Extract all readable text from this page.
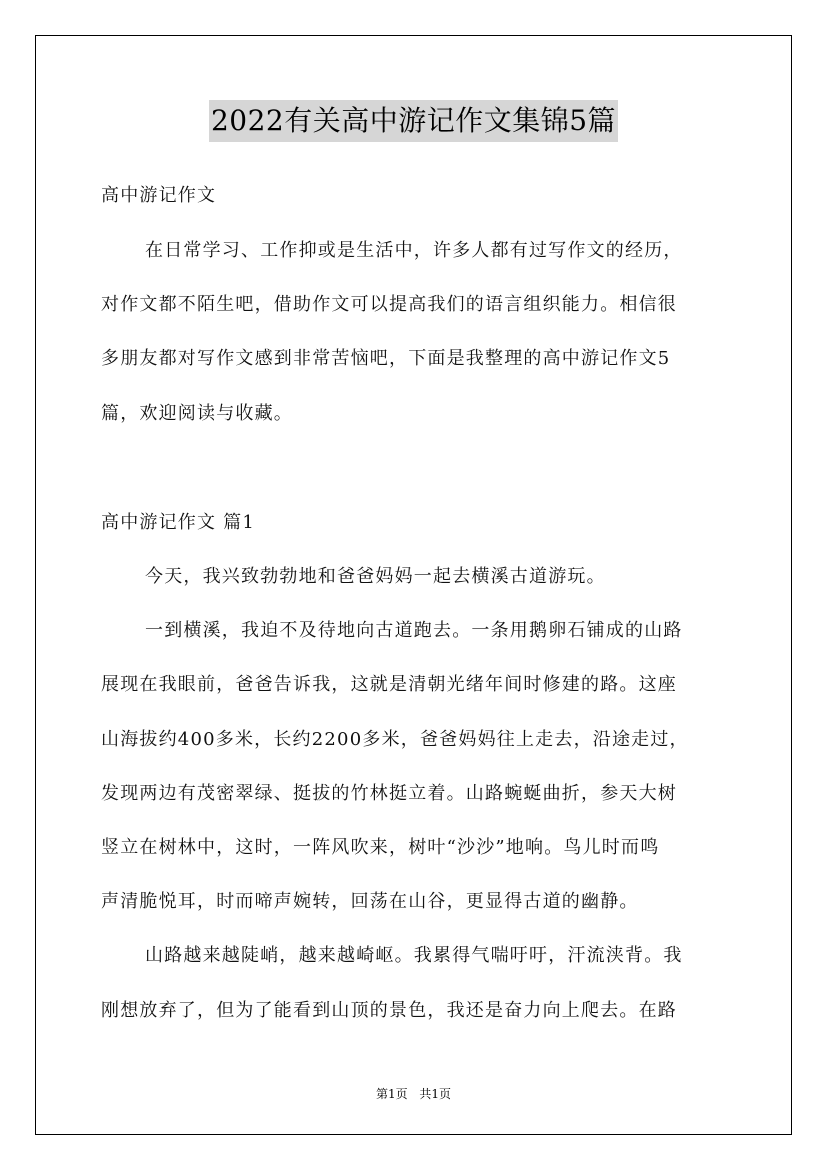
2022有关高中游记作文集锦5篇
高中游记作文
在日常学习、工作抑或是生活中，许多人都有过写作文的经历，
对作文都不陌生吧，借助作文可以提高我们的语言组织能力。相信很
多朋友都对写作文感到非常苦恼吧，下面是我整理的高中游记作文5
篇，欢迎阅读与收藏。
高中游记作文 篇1
今天，我兴致勃勃地和爸爸妈妈一起去横溪古道游玩。
一到横溪，我迫不及待地向古道跑去。一条用鹅卵石铺成的山路
展现在我眼前，爸爸告诉我，这就是清朝光绪年间时修建的路。这座
山海拔约400多米，长约2200多米，爸爸妈妈往上走去，沿途走过，
发现两边有茂密翠绿、挺拔的竹林挺立着。山路蜿蜒曲折，参天大树
竖立在树林中，这时，一阵风吹来，树叶“沙沙”地响。鸟儿时而鸣
声清脆悦耳，时而啼声婉转，回荡在山谷，更显得古道的幽静。
山路越来越陡峭，越来越崎岖。我累得气喘吁吁，汗流浃背。我
刚想放弃了，但为了能看到山顶的景色，我还是奋力向上爬去。在路
第1页 共1页
